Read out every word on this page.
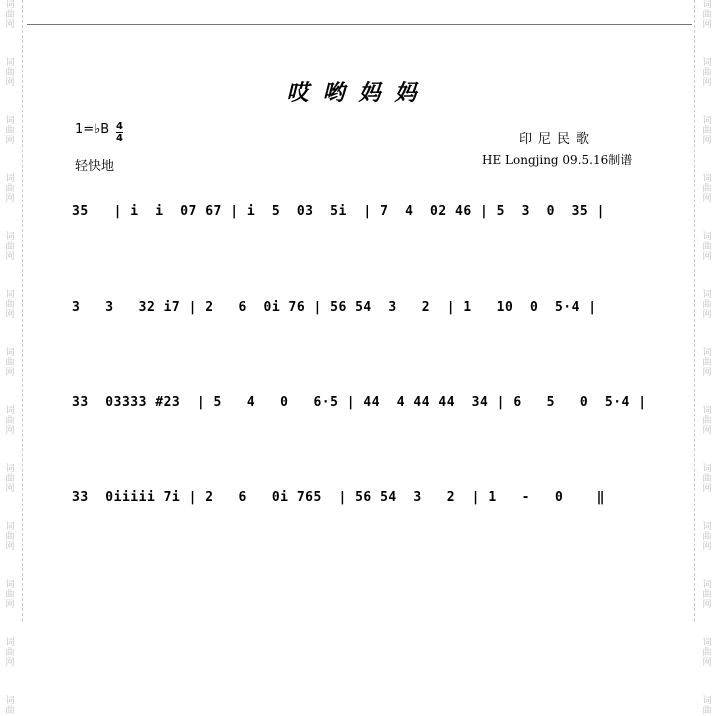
词
曲
网
词
曲
网
词
曲
网
词
曲
网
词
曲
网
词
曲
网
词
曲
网
词
曲
网
词
曲
网
词
曲
网
词
曲
网
词
曲
网
词
曲
词
曲
网
词
曲
网
词
曲
网
词
曲
网
词
曲
网
词
曲
网
词
曲
网
词
曲
网
词
曲
网
词
曲
网
词
曲
网
词
曲
网
词
曲
哎哟妈妈
1=♭B 4
4
轻快地
印尼民歌
HE Longjing 09.5.16制谱
35   | i  i  07 67 | i  5  03  5i  | 7  4  02 46 | 5  3  0  35 |
3   3   32 i7 | 2   6  0i 76 | 56 54  3   2  | 1   10  0  5·4 |
33  03333 #23  | 5   4   0   6·5 | 44  4 44 44  34 | 6   5   0  5·4 |
33  0iiiii 7i | 2   6   0i 765  | 56 54  3   2  | 1   -   0    ‖
